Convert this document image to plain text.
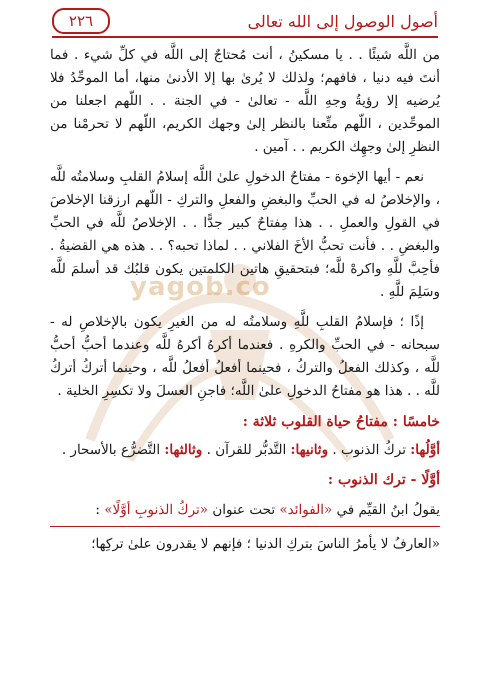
yagob.co
أصول الوصول إلى الله تعالى
٢٢٦

من اللَّه شيئًا . . يا مسكينُ ، أنت مُحتاجٌ إلى اللَّه في كلِّ شيء . فما أنتَ فيه دنيا ، فافهم؛ ولذلك لا يُرىٰ بها إلا الأدنىٰ منها، أما الموحِّدُ فلا يُرضيه إلا رؤيةُ وجهِ اللَّه - تعالىٰ - في الجنة . . اللّهم اجعلنا من الموحِّدين ، اللّهم متِّعنا بالنظر إلىٰ وجهك الكريم، اللّهم لا تحرمْنا من النظرِ إلىٰ وجهِك الكريم . . آمين .

نعم - أيها الإخوة - مفتاحُ الدخولِ علىٰ اللَّه إسلامُ القلبِ وسلامتُه للَّه ، والإخلاصُ له في الحبِّ والبغضِ والفعلِ والتركِ - اللّهم ارزقنا الإخلاصَ في القولِ والعملِ . . هذا مِفتاحٌ كبير جدًّا . . الإخلاصُ للَّه في الحبِّ والبغضِ . . فأنت تحبُّ الأخَ الفلاني . . لماذا تحبه؟ . . هذه هي القضيةُ . فأحِبَّ للَّهِ واكرهْ للَّه؛ فبتحقيقِ هاتين الكلمتين يكون قلبُك قد أسلمَ للَّه وسَلِمَ للَّهِ .

إذًا ؛ فإسلامُ القلبِ للَّهِ وسلامتُه له من الغيرِ يكون بالإخلاصِ له - سبحانه - في الحبِّ والكرهِ . فعندما أكرهُ أكرهُ للَّه وعندما أحبُّ أحبُّ للَّه ، وكذلك الفعلُ والتركُ ، فحينما أفعلُ أفعلُ للَّه ، وحينما أتركُ أتركُ للَّه . . هذا هو مفتاحُ الدخولِ علىٰ اللَّه؛ فاجنِ العسلَ ولا تكسِرِ الخلية .

خامسًا : مفتاحُ حياة القلوب ثلاثة :
أوَّلُها: تركُ الذنوب . وثانيها: التَّدبُّر للقرآن . وثالثها: التَّضرُّع بالأسحار .
أوَّلًا - ترك الذنوب :
يقولُ ابنُ القيِّم في «الفوائد» تحت عنوان «تركُ الذنوبِ أوَّلًا» :

«العارفُ لا يأمرُ الناسَ بتركِ الدنيا ؛ فإنهم لا يقدرون علىٰ تركِها؛
